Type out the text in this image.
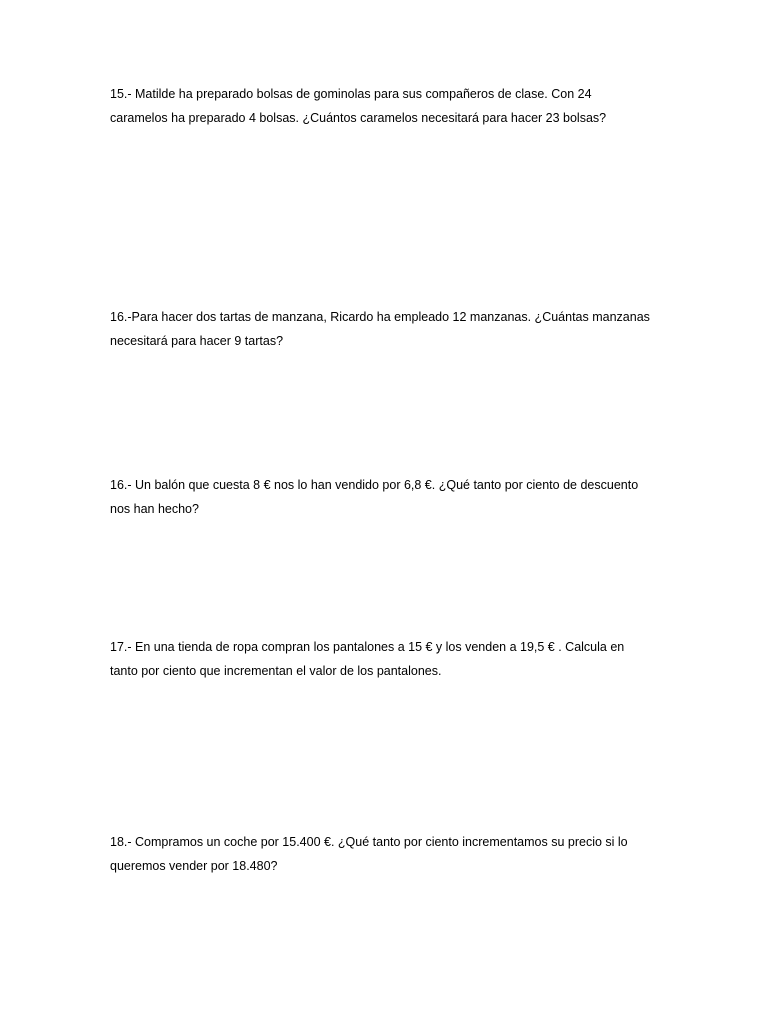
15.- Matilde ha preparado bolsas de gominolas para sus compañeros de clase. Con 24
caramelos ha preparado 4 bolsas. ¿Cuántos caramelos necesitará para hacer 23 bolsas?

16.-Para hacer dos tartas de manzana, Ricardo ha empleado 12 manzanas. ¿Cuántas manzanas
necesitará para hacer 9 tartas?

16.- Un balón que cuesta 8 € nos lo han vendido por 6,8 €. ¿Qué tanto por ciento de descuento
nos han hecho?

17.- En una tienda de ropa compran los pantalones a 15 € y los venden a 19,5 € . Calcula en
tanto por ciento que incrementan el valor de los pantalones.

18.- Compramos un coche por 15.400 €. ¿Qué tanto por ciento incrementamos su precio si lo
queremos vender por 18.480?
